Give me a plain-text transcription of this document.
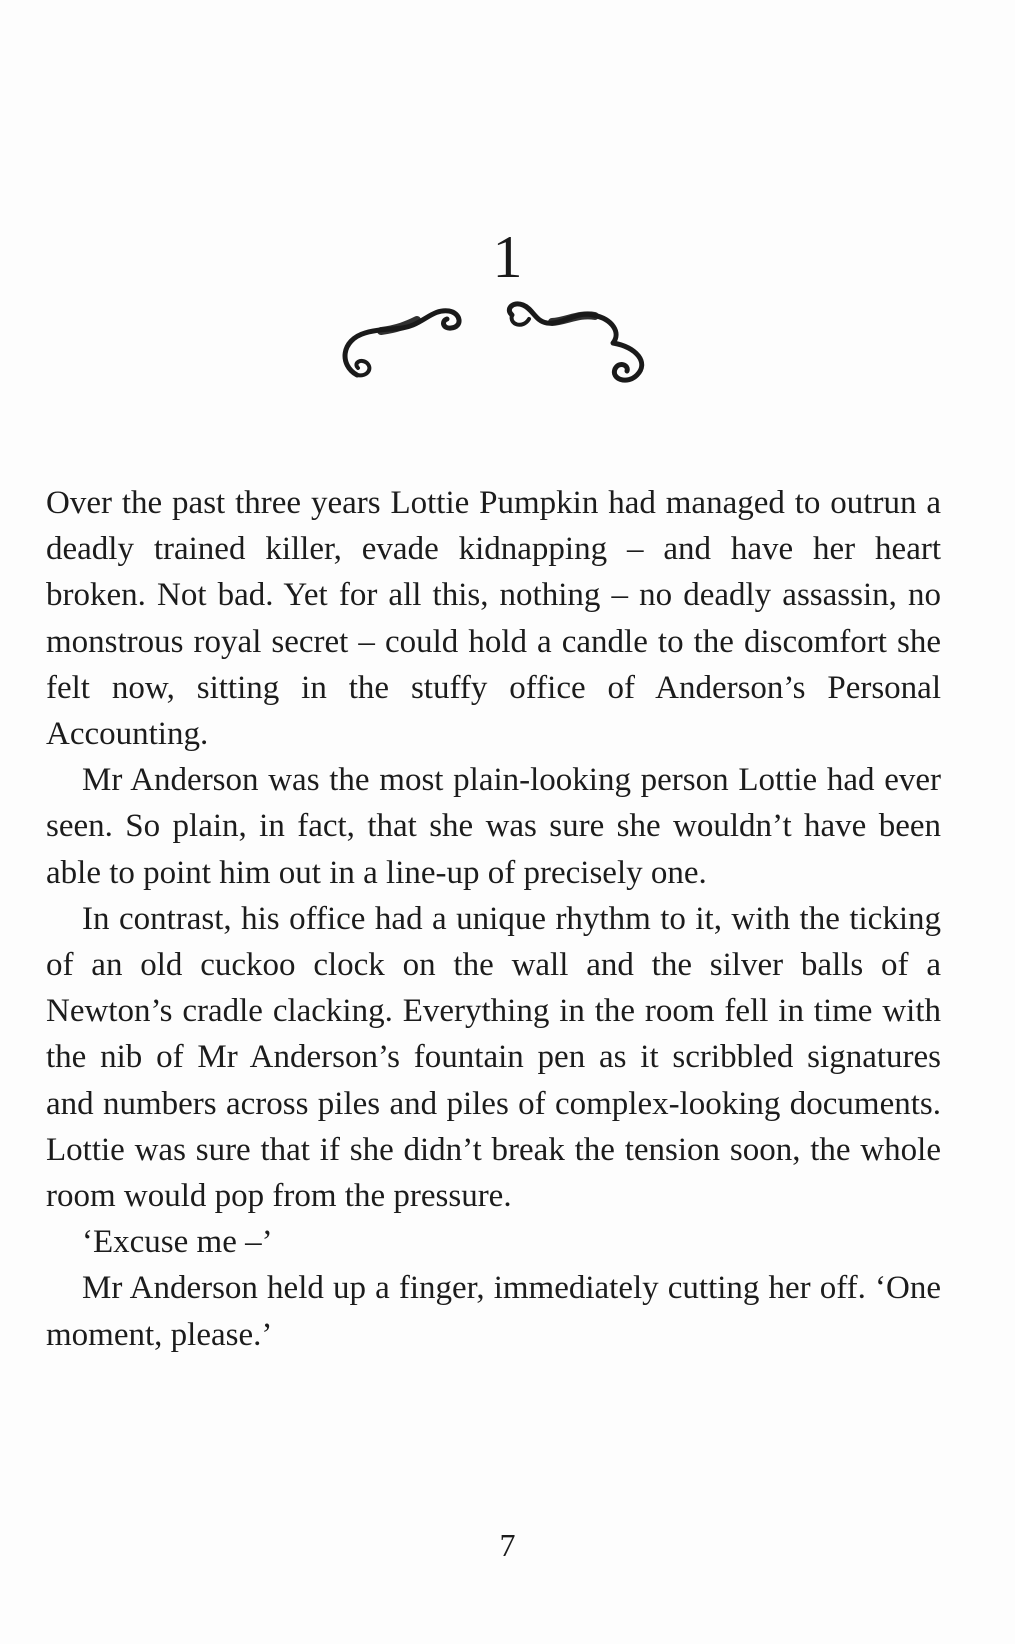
1

Over the past three years Lottie Pumpkin had managed to outrun a deadly trained killer, evade kidnapping – and have her heart broken. Not bad. Yet for all this, nothing – no deadly assassin, no monstrous royal secret – could hold a candle to the discomfort she felt now, sitting in the stuffy office of Anderson’s Personal Accounting.

Mr Anderson was the most plain-looking person Lottie had ever seen. So plain, in fact, that she was sure she wouldn’t have been able to point him out in a line-up of precisely one.

In contrast, his office had a unique rhythm to it, with the ticking of an old cuckoo clock on the wall and the silver balls of a Newton’s cradle clacking. Everything in the room fell in time with the nib of Mr Anderson’s fountain pen as it scribbled signatures and numbers across piles and piles of complex-looking documents. Lottie was sure that if she didn’t break the tension soon, the whole room would pop from the pressure.

‘Excuse me –’

Mr Anderson held up a finger, immediately cutting her off. ‘One moment, please.’

7
